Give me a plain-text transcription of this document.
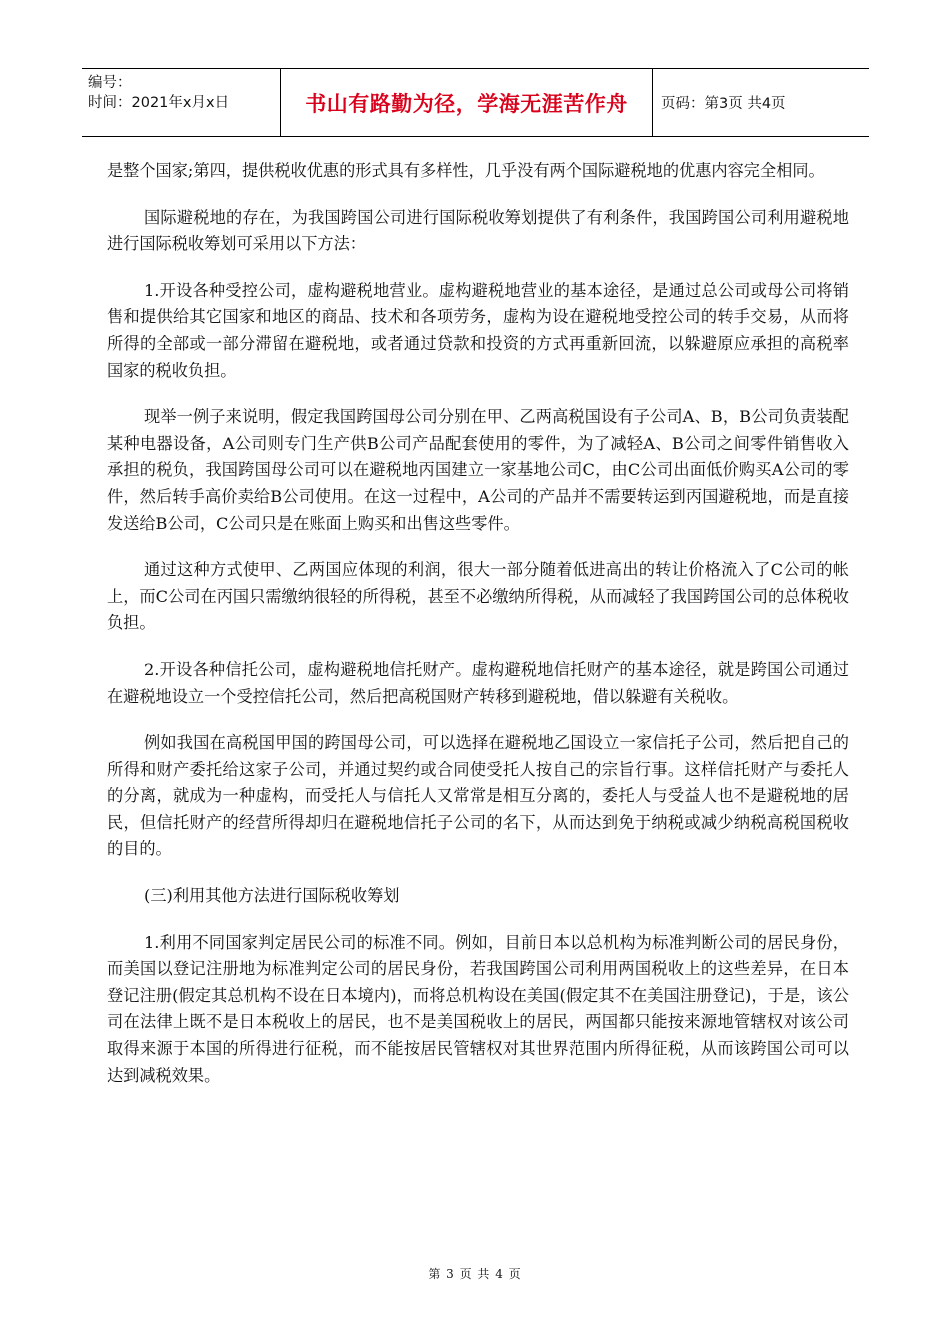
编号：
时间：2021年x月x日	书山有路勤为径，学海无涯苦作舟	页码：第3页 共4页

是整个国家;第四，提供税收优惠的形式具有多样性，几乎没有两个国际避税地的优惠内容完全相同。

国际避税地的存在，为我国跨国公司进行国际税收筹划提供了有利条件，我国跨国公司利用避税地进行国际税收筹划可采用以下方法：

1.开设各种受控公司，虚构避税地营业。虚构避税地营业的基本途径，是通过总公司或母公司将销售和提供给其它国家和地区的商品、技术和各项劳务，虚构为设在避税地受控公司的转手交易，从而将所得的全部或一部分滞留在避税地，或者通过贷款和投资的方式再重新回流，以躲避原应承担的高税率国家的税收负担。

现举一例子来说明，假定我国跨国母公司分别在甲、乙两高税国设有子公司A、B，B公司负责装配某种电器设备，A公司则专门生产供B公司产品配套使用的零件，为了减轻A、B公司之间零件销售收入承担的税负，我国跨国母公司可以在避税地丙国建立一家基地公司C，由C公司出面低价购买A公司的零件，然后转手高价卖给B公司使用。在这一过程中，A公司的产品并不需要转运到丙国避税地，而是直接发送给B公司，C公司只是在账面上购买和出售这些零件。

通过这种方式使甲、乙两国应体现的利润，很大一部分随着低进高出的转让价格流入了C公司的帐上，而C公司在丙国只需缴纳很轻的所得税，甚至不必缴纳所得税，从而减轻了我国跨国公司的总体税收负担。

2.开设各种信托公司，虚构避税地信托财产。虚构避税地信托财产的基本途径，就是跨国公司通过在避税地设立一个受控信托公司，然后把高税国财产转移到避税地，借以躲避有关税收。

例如我国在高税国甲国的跨国母公司，可以选择在避税地乙国设立一家信托子公司，然后把自己的所得和财产委托给这家子公司，并通过契约或合同使受托人按自己的宗旨行事。这样信托财产与委托人的分离，就成为一种虚构，而受托人与信托人又常常是相互分离的，委托人与受益人也不是避税地的居民，但信托财产的经营所得却归在避税地信托子公司的名下，从而达到免于纳税或减少纳税高税国税收的目的。

(三)利用其他方法进行国际税收筹划

1.利用不同国家判定居民公司的标准不同。例如，目前日本以总机构为标准判断公司的居民身份，而美国以登记注册地为标准判定公司的居民身份，若我国跨国公司利用两国税收上的这些差异，在日本登记注册(假定其总机构不设在日本境内)，而将总机构设在美国(假定其不在美国注册登记)，于是，该公司在法律上既不是日本税收上的居民，也不是美国税收上的居民，两国都只能按来源地管辖权对该公司取得来源于本国的所得进行征税，而不能按居民管辖权对其世界范围内所得征税，从而该跨国公司可以达到减税效果。

第 3 页 共 4 页
